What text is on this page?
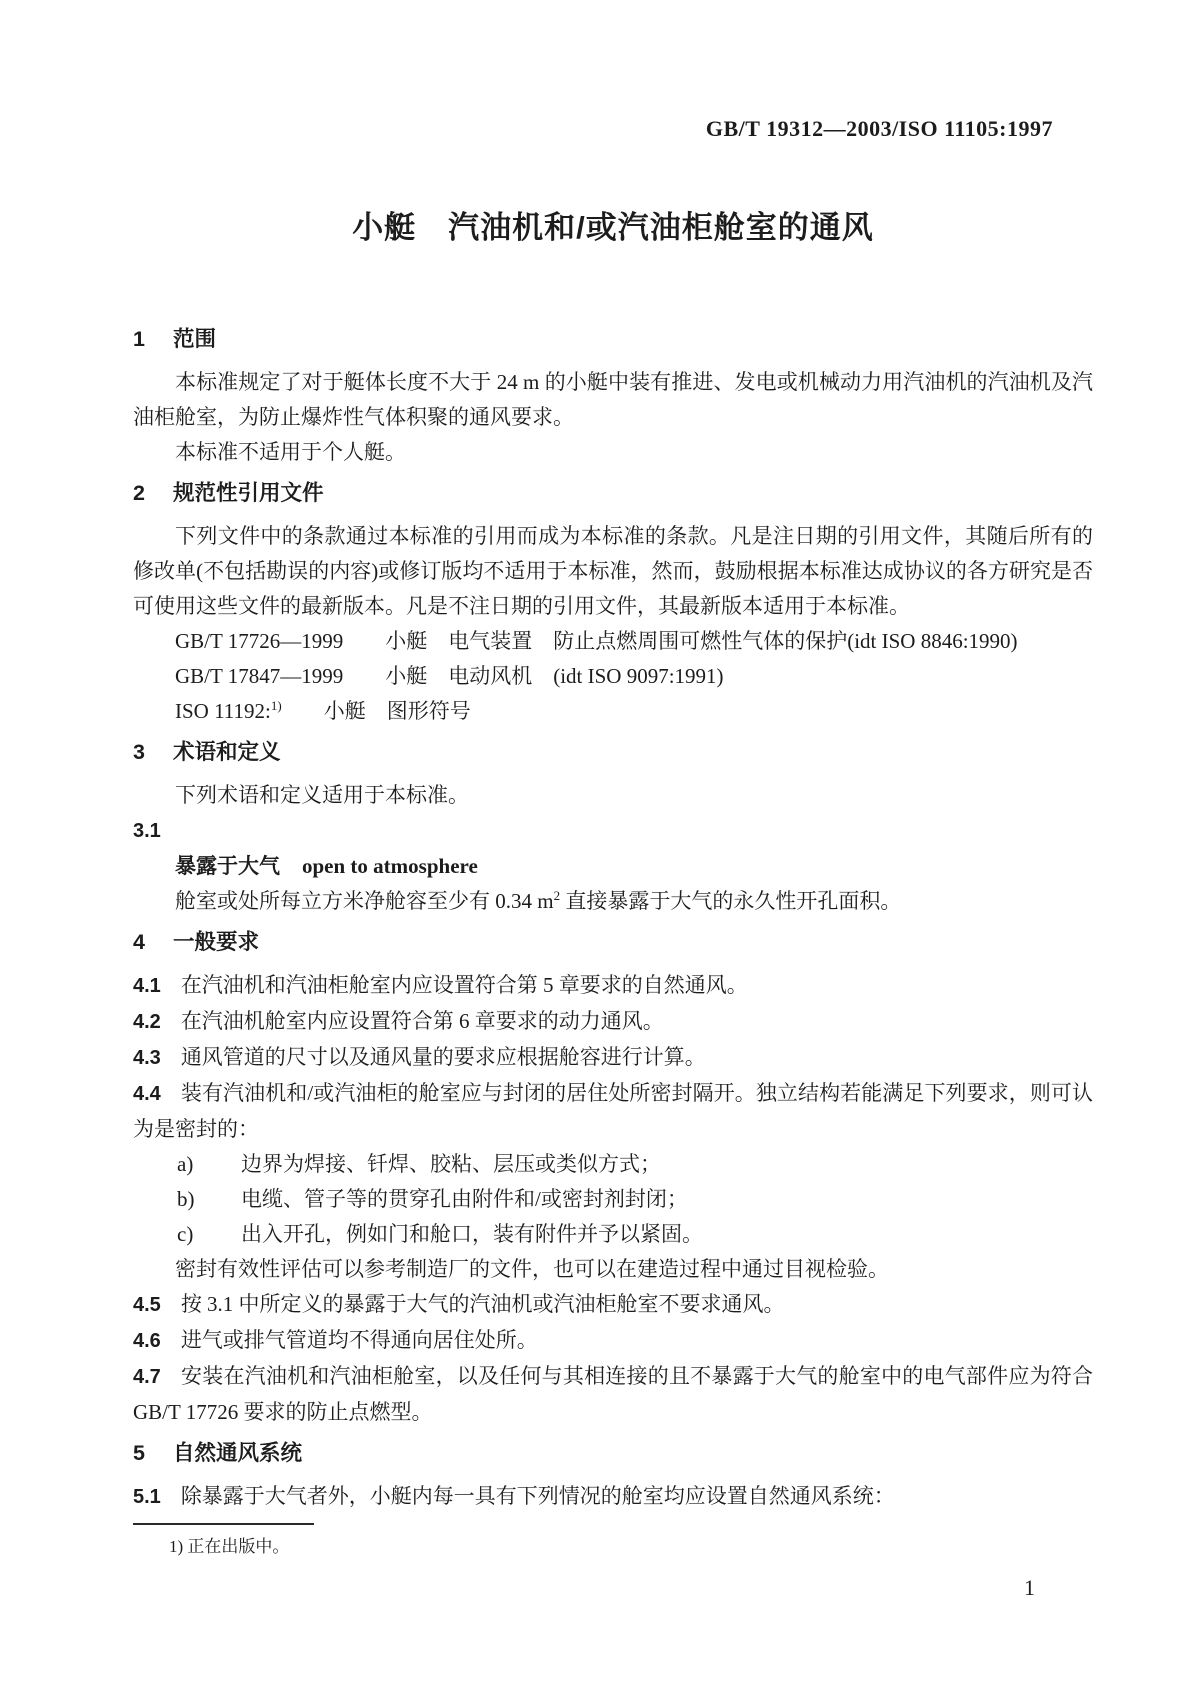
GB/T 19312—2003/ISO 11105:1997
小艇　汽油机和/或汽油柜舱室的通风
1 范围

本标准规定了对于艇体长度不大于 24 m 的小艇中装有推进、发电或机械动力用汽油机的汽油机及汽油柜舱室，为防止爆炸性气体积聚的通风要求。

本标准不适用于个人艇。

2 规范性引用文件

下列文件中的条款通过本标准的引用而成为本标准的条款。凡是注日期的引用文件，其随后所有的修改单(不包括勘误的内容)或修订版均不适用于本标准，然而，鼓励根据本标准达成协议的各方研究是否可使用这些文件的最新版本。凡是不注日期的引用文件，其最新版本适用于本标准。

GB/T 17726—1999　　小艇　电气装置　防止点燃周围可燃性气体的保护(idt ISO 8846:1990)

GB/T 17847—1999　　小艇　电动风机　(idt ISO 9097:1991)

ISO 11192:$^{1)}$　　小艇　图形符号

3 术语和定义

下列术语和定义适用于本标准。

3.1
暴露于大气 open to atmosphere

舱室或处所每立方米净舱容至少有 0.34 $m^2$ 直接暴露于大气的永久性开孔面积。

4 一般要求
4.1 在汽油机和汽油柜舱室内应设置符合第 5 章要求的自然通风。
4.2 在汽油机舱室内应设置符合第 6 章要求的动力通风。
4.3 通风管道的尺寸以及通风量的要求应根据舱容进行计算。
4.4 装有汽油机和/或汽油柜的舱室应与封闭的居住处所密封隔开。独立结构若能满足下列要求，则可认为是密封的：
a) 边界为焊接、钎焊、胶粘、层压或类似方式；
b) 电缆、管子等的贯穿孔由附件和/或密封剂封闭；
c) 出入开孔，例如门和舱口，装有附件并予以紧固。

密封有效性评估可以参考制造厂的文件，也可以在建造过程中通过目视检验。

4.5 按 3.1 中所定义的暴露于大气的汽油机或汽油柜舱室不要求通风。
4.6 进气或排气管道均不得通向居住处所。
4.7 安装在汽油机和汽油柜舱室，以及任何与其相连接的且不暴露于大气的舱室中的电气部件应为符合 GB/T 17726 要求的防止点燃型。
5 自然通风系统
5.1 除暴露于大气者外，小艇内每一具有下列情况的舱室均应设置自然通风系统：
1) 正在出版中。
1
